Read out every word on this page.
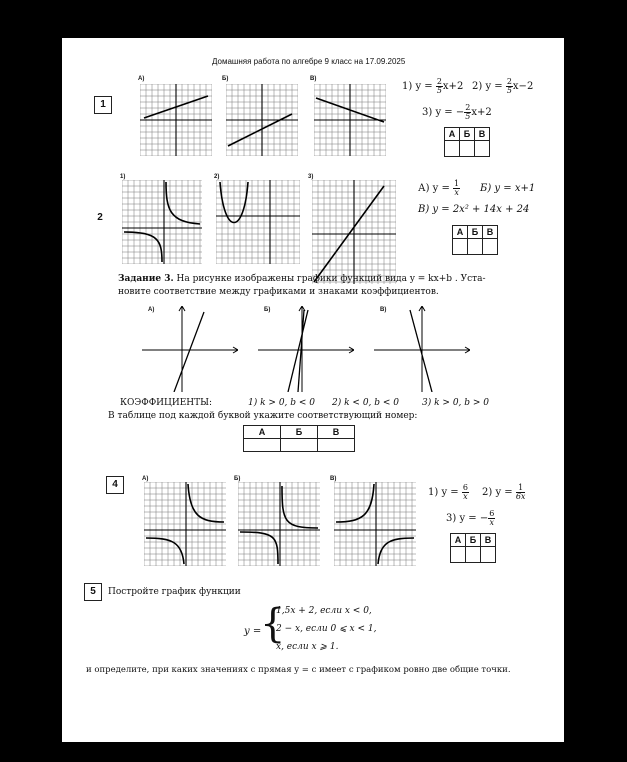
Домашняя работа по алгебре 9 класс на 17.09.2025
1
А)	Б)	В)
1) $y = \frac{2}{5}x+2$ 2) $y = \frac{2}{5}x-2$
3) y = − $\frac{2}{5}x+2$
А	Б	В

2
1)	2)	3)
А) $y = \frac{1}{x} Б$) y = x+1
В) y = 2x² + 14x + 24
А	Б	В

Задание 3. На рисунке изображены графики функций вида y = kx+b . Уста-
новите соответствие между графиками и знаками коэффициентов.
А)	Б)	В)
КОЭФФИЦИЕНТЫ:	1) k > 0, b < 0 2) k < 0, b < 0	3) k > 0, b > 0
В таблице под каждой буквой укажите соответствующий номер:
А	Б	В

4	А)	Б)	В)
1) $y = \frac{6}{x} 2$) $y = \frac{1}{6x}$
3) y = − $\frac{6}{x}$
А	Б	В

5	Постройте график функции
y =
{
1,5x + 2, если x < 0,
2 − x, если 0 ⩽ x < 1,
x, если x ⩾ 1.
и определите, при каких значениях c прямая y = c имеет с графиком ровно две общие точки.
